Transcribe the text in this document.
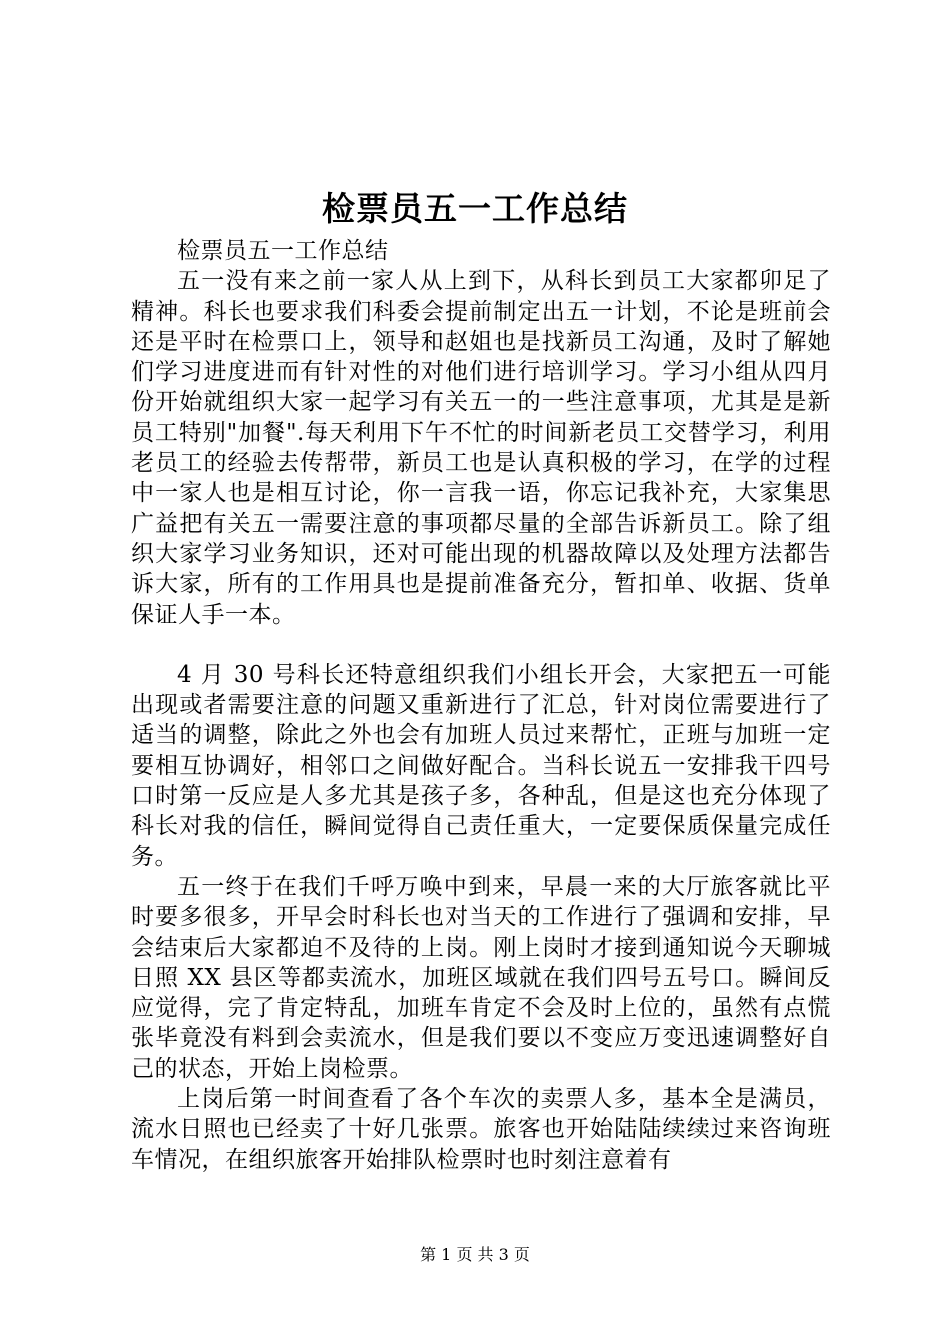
检票员五一工作总结

检票员五一工作总结

五一没有来之前一家人从上到下，从科长到员工大家都卯足了精神。科长也要求我们科委会提前制定出五一计划，不论是班前会还是平时在检票口上，领导和赵姐也是找新员工沟通，及时了解她们学习进度进而有针对性的对他们进行培训学习。学习小组从四月份开始就组织大家一起学习有关五一的一些注意事项，尤其是是新员工特别"加餐".每天利用下午不忙的时间新老员工交替学习，利用老员工的经验去传帮带，新员工也是认真积极的学习，在学的过程中一家人也是相互讨论，你一言我一语，你忘记我补充，大家集思广益把有关五一需要注意的事项都尽量的全部告诉新员工。除了组织大家学习业务知识，还对可能出现的机器故障以及处理方法都告诉大家，所有的工作用具也是提前准备充分，暂扣单、收据、货单保证人手一本。

4 月 30 号科长还特意组织我们小组长开会，大家把五一可能出现或者需要注意的问题又重新进行了汇总，针对岗位需要进行了适当的调整，除此之外也会有加班人员过来帮忙，正班与加班一定要相互协调好，相邻口之间做好配合。当科长说五一安排我干四号口时第一反应是人多尤其是孩子多，各种乱，但是这也充分体现了科长对我的信任，瞬间觉得自己责任重大，一定要保质保量完成任务。

五一终于在我们千呼万唤中到来，早晨一来的大厅旅客就比平时要多很多，开早会时科长也对当天的工作进行了强调和安排，早会结束后大家都迫不及待的上岗。刚上岗时才接到通知说今天聊城日照 XX 县区等都卖流水，加班区域就在我们四号五号口。瞬间反应觉得，完了肯定特乱，加班车肯定不会及时上位的，虽然有点慌张毕竟没有料到会卖流水，但是我们要以不变应万变迅速调整好自己的状态，开始上岗检票。

上岗后第一时间查看了各个车次的卖票人多，基本全是满员，流水日照也已经卖了十好几张票。旅客也开始陆陆续续过来咨询班车情况，在组织旅客开始排队检票时也时刻注意着有

第 1 页 共 3 页
